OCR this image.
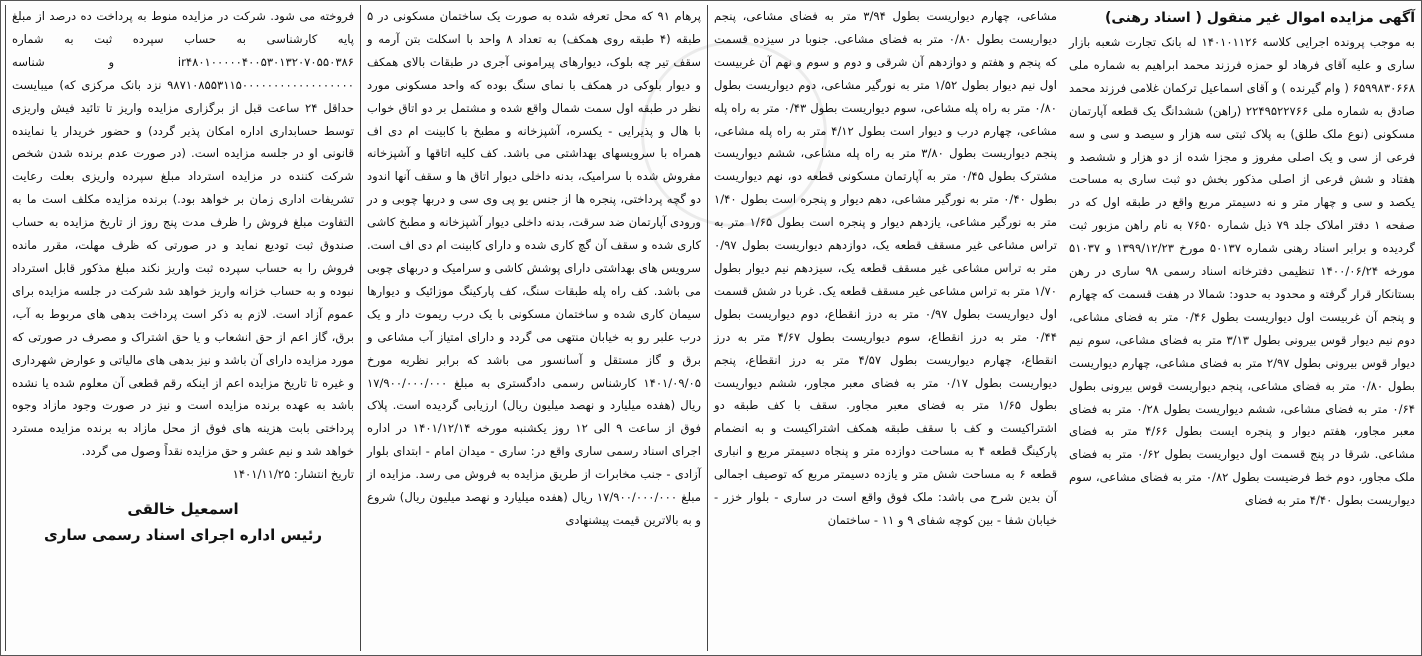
آگهی مزایده اموال غیر منقول ( اسناد رهنی)

به موجب پرونده اجرایی کلاسه ۱۴۰۱۰۱۱۲۶ له بانک تجارت شعبه بازار ساری و علیه آقای فرهاد لو حمزه فرزند محمد ابراهیم به شماره ملی ۶۵۹۹۸۳۰۶۶۸ ( وام گیرنده ) و آقای اسماعیل ترکمان غلامی فرزند محمد صادق به شماره ملی ۲۲۴۹۵۲۲۷۶۶ (راهن) ششدانگ یک قطعه آپارتمان مسکونی (نوع ملک طلق) به پلاک ثبتی سه هزار و سیصد و سی و سه فرعی از سی و یک اصلی مفروز و مجزا شده از دو هزار و ششصد و هفتاد و شش فرعی از اصلی مذکور بخش دو ثبت ساری به مساحت یکصد و سی و چهار متر و نه دسیمتر مربع واقع در طبقه اول که در صفحه ۱ دفتر املاک جلد ۷۹ ذیل شماره ۷۶۵۰ به نام راهن مزبور ثبت گردیده و برابر اسناد رهنی شماره ۵۰۱۳۷ مورخ ۱۳۹۹/۱۲/۲۳ و ۵۱۰۳۷ مورخه ۱۴۰۰/۰۶/۲۴ تنظیمی دفترخانه اسناد رسمی ۹۸ ساری در رهن بستانکار قرار گرفته و محدود به حدود: شمالا در هفت قسمت که چهارم و پنجم آن غربیست اول دیواریست بطول ۰/۴۶ متر به فضای مشاعی، دوم نیم دیوار قوس بیرونی بطول ۳/۱۳ متر به فضای مشاعی، سوم نیم دیوار قوس بیرونی بطول ۲/۹۷ متر به فضای مشاعی، چهارم دیواریست بطول ۰/۸۰ متر به فضای مشاعی، پنجم دیواریست قوس بیرونی بطول ۰/۶۴ متر به فضای مشاعی، ششم دیواریست بطول ۰/۲۸ متر به فضای معبر مجاور، هفتم دیوار و پنجره ایست بطول ۴/۶۶ متر به فضای مشاعی. شرقا در پنج قسمت اول دیواریست بطول ۰/۶۲ متر به فضای ملک مجاور، دوم خط فرضیست بطول ۰/۸۲ متر به فضای مشاعی، سوم دیواریست بطول ۴/۴۰ متر به فضای

مشاعی، چهارم دیواریست بطول ۳/۹۴ متر به فضای مشاعی، پنجم دیواریست بطول ۰/۸۰ متر به فضای مشاعی. جنوبا در سیزده قسمت که پنجم و هفتم و دوازدهم آن شرقی و دوم و سوم و نهم آن غربیست اول نیم دیوار بطول ۱/۵۲ متر به نورگیر مشاعی، دوم دیواریست بطول ۰/۸۰ متر به راه پله مشاعی، سوم دیواریست بطول ۰/۴۳ متر به راه پله مشاعی، چهارم درب و دیوار است بطول ۴/۱۲ متر به راه پله مشاعی، پنجم دیواریست بطول ۳/۸۰ متر به راه پله مشاعی، ششم دیواریست مشترک بطول ۰/۴۵ متر به آپارتمان مسکونی قطعه دو، نهم دیواریست بطول ۰/۴۰ متر به نورگیر مشاعی، دهم دیوار و پنجره است بطول ۱/۴۰ متر به نورگیر مشاعی، یازدهم دیوار و پنجره است بطول ۱/۶۵ متر به تراس مشاعی غیر مسقف قطعه یک، دوازدهم دیواریست بطول ۰/۹۷ متر به تراس مشاعی غیر مسقف قطعه یک، سیزدهم نیم دیوار بطول ۱/۷۰ متر به تراس مشاعی غیر مسقف قطعه یک. غربا در شش قسمت اول دیواریست بطول ۰/۹۷ متر به درز انقطاع، دوم دیواریست بطول ۰/۴۴ متر به درز انقطاع، سوم دیواریست بطول ۴/۶۷ متر به درز انقطاع، چهارم دیواریست بطول ۴/۵۷ متر به درز انقطاع، پنجم دیواریست بطول ۰/۱۷ متر به فضای معبر مجاور، ششم دیواریست بطول ۱/۶۵ متر به فضای معبر مجاور. سقف با کف طبقه دو اشتراکیست و کف با سقف طبقه همکف اشتراکیست و به انضمام پارکینگ قطعه ۴ به مساحت دوازده متر و پنجاه دسیمتر مربع و انباری قطعه ۶ به مساحت شش متر و یازده دسیمتر مربع که توصیف اجمالی آن بدین شرح می باشد: ملک فوق واقع است در ساری - بلوار خزر - خیابان شفا - بین کوچه شفای ۹ و ۱۱ - ساختمان

پرهام ۹۱ که محل تعرفه شده به صورت یک ساختمان مسکونی در ۵ طبقه (۴ طبقه روی همکف) به تعداد ۸ واحد با اسکلت بتن آرمه و سقف تیر چه بلوک، دیوارهای پیرامونی آجری در طبقات بالای همکف و دیوار بلوکی در همکف با نمای سنگ بوده که واحد مسکونی مورد نظر در طبقه اول سمت شمال واقع شده و مشتمل بر دو اتاق خواب با هال و پذیرایی - یکسره، آشپزخانه و مطبخ با کابینت ام دی اف همراه با سرویسهای بهداشتی می باشد. کف کلیه اتاقها و آشپزخانه مفروش شده با سرامیک، بدنه داخلی دیوار اتاق ها و سقف آنها اندود دو گچه پرداختی، پنجره ها از جنس یو پی وی سی و دربها چوبی و در ورودی آپارتمان ضد سرقت، بدنه داخلی دیوار آشپزخانه و مطبخ کاشی کاری شده و سقف آن گچ کاری شده و دارای کابینت ام دی اف است. سرویس های بهداشتی دارای پوشش کاشی و سرامیک و دربهای چوبی می باشد. کف راه پله طبقات سنگ، کف پارکینگ موزائیک و دیوارها سیمان کاری شده و ساختمان مسکونی با یک درب ریموت دار و یک درب علبر رو به خیابان منتهی می گردد و دارای امتیاز آب مشاعی و برق و گاز مستقل و آسانسور می باشد که برابر نظریه مورخ ۱۴۰۱/۰۹/۰۵ کارشناس رسمی دادگستری به مبلغ ۱۷/۹۰۰/۰۰۰/۰۰۰ ریال (هفده میلیارد و نهصد میلیون ریال) ارزیابی گردیده است. پلاک فوق از ساعت ۹ الی ۱۲ روز یکشنبه مورخه ۱۴۰۱/۱۲/۱۴ در اداره اجرای اسناد رسمی ساری واقع در: ساری - میدان امام - ابتدای بلوار آزادی - جنب مخابرات از طریق مزایده به فروش می رسد. مزایده از مبلغ ۱۷/۹۰۰/۰۰۰/۰۰۰ ریال (هفده میلیارد و نهصد میلیون ریال) شروع و به بالاترین قیمت پیشنهادی

فروخته می شود. شرکت در مزایده منوط به پرداخت ده درصد از مبلغ پایه کارشناسی به حساب سپرده ثبت به شماره ir۴۸۰۱۰۰۰۰۰۴۰۰۵۳۰۱۳۲۰۷۰۵۵۰۳۸۶ و شناسه ۹۸۷۱۰۸۵۵۳۱۱۵۰۰۰۰۰۰۰۰۰۰۰۰۰۰۰۰۰۰ نزد بانک مرکزی که) میبایست حداقل ۲۴ ساعت قبل از برگزاری مزایده واریز تا تائید فیش واریزی توسط حسابداری اداره امکان پذیر گردد) و حضور خریدار یا نماینده قانونی او در جلسه مزایده است. (در صورت عدم برنده شدن شخص شرکت کننده در مزایده استرداد مبلغ سپرده واریزی بعلت رعایت تشریفات اداری زمان بر خواهد بود.) برنده مزایده مکلف است ما به التفاوت مبلغ فروش را ظرف مدت پنج روز از تاریخ مزایده به حساب صندوق ثبت تودیع نماید و در صورتی که ظرف مهلت، مقرر مانده فروش را به حساب سپرده ثبت واریز نکند مبلغ مذکور قابل استرداد نبوده و به حساب خزانه واریز خواهد شد شرکت در جلسه مزایده برای عموم آزاد است. لازم به ذکر است پرداخت بدهی های مربوط به آب، برق، گاز اعم از حق انشعاب و یا حق اشتراک و مصرف در صورتی که مورد مزایده دارای آن باشد و نیز بدهی های مالیاتی و عوارض شهرداری و غیره تا تاریخ مزایده اعم از اینکه رقم قطعی آن معلوم شده یا نشده باشد به عهده برنده مزایده است و نیز در صورت وجود مازاد وجوه پرداختی بابت هزینه های فوق از محل مازاد به برنده مزایده مسترد خواهد شد و نیم عشر و حق مزایده نقداً وصول می گردد.

تاریخ انتشار: ۱۴۰۱/۱۱/۲۵
اسمعیل خالقی
رئیس اداره اجرای اسناد رسمی ساری
